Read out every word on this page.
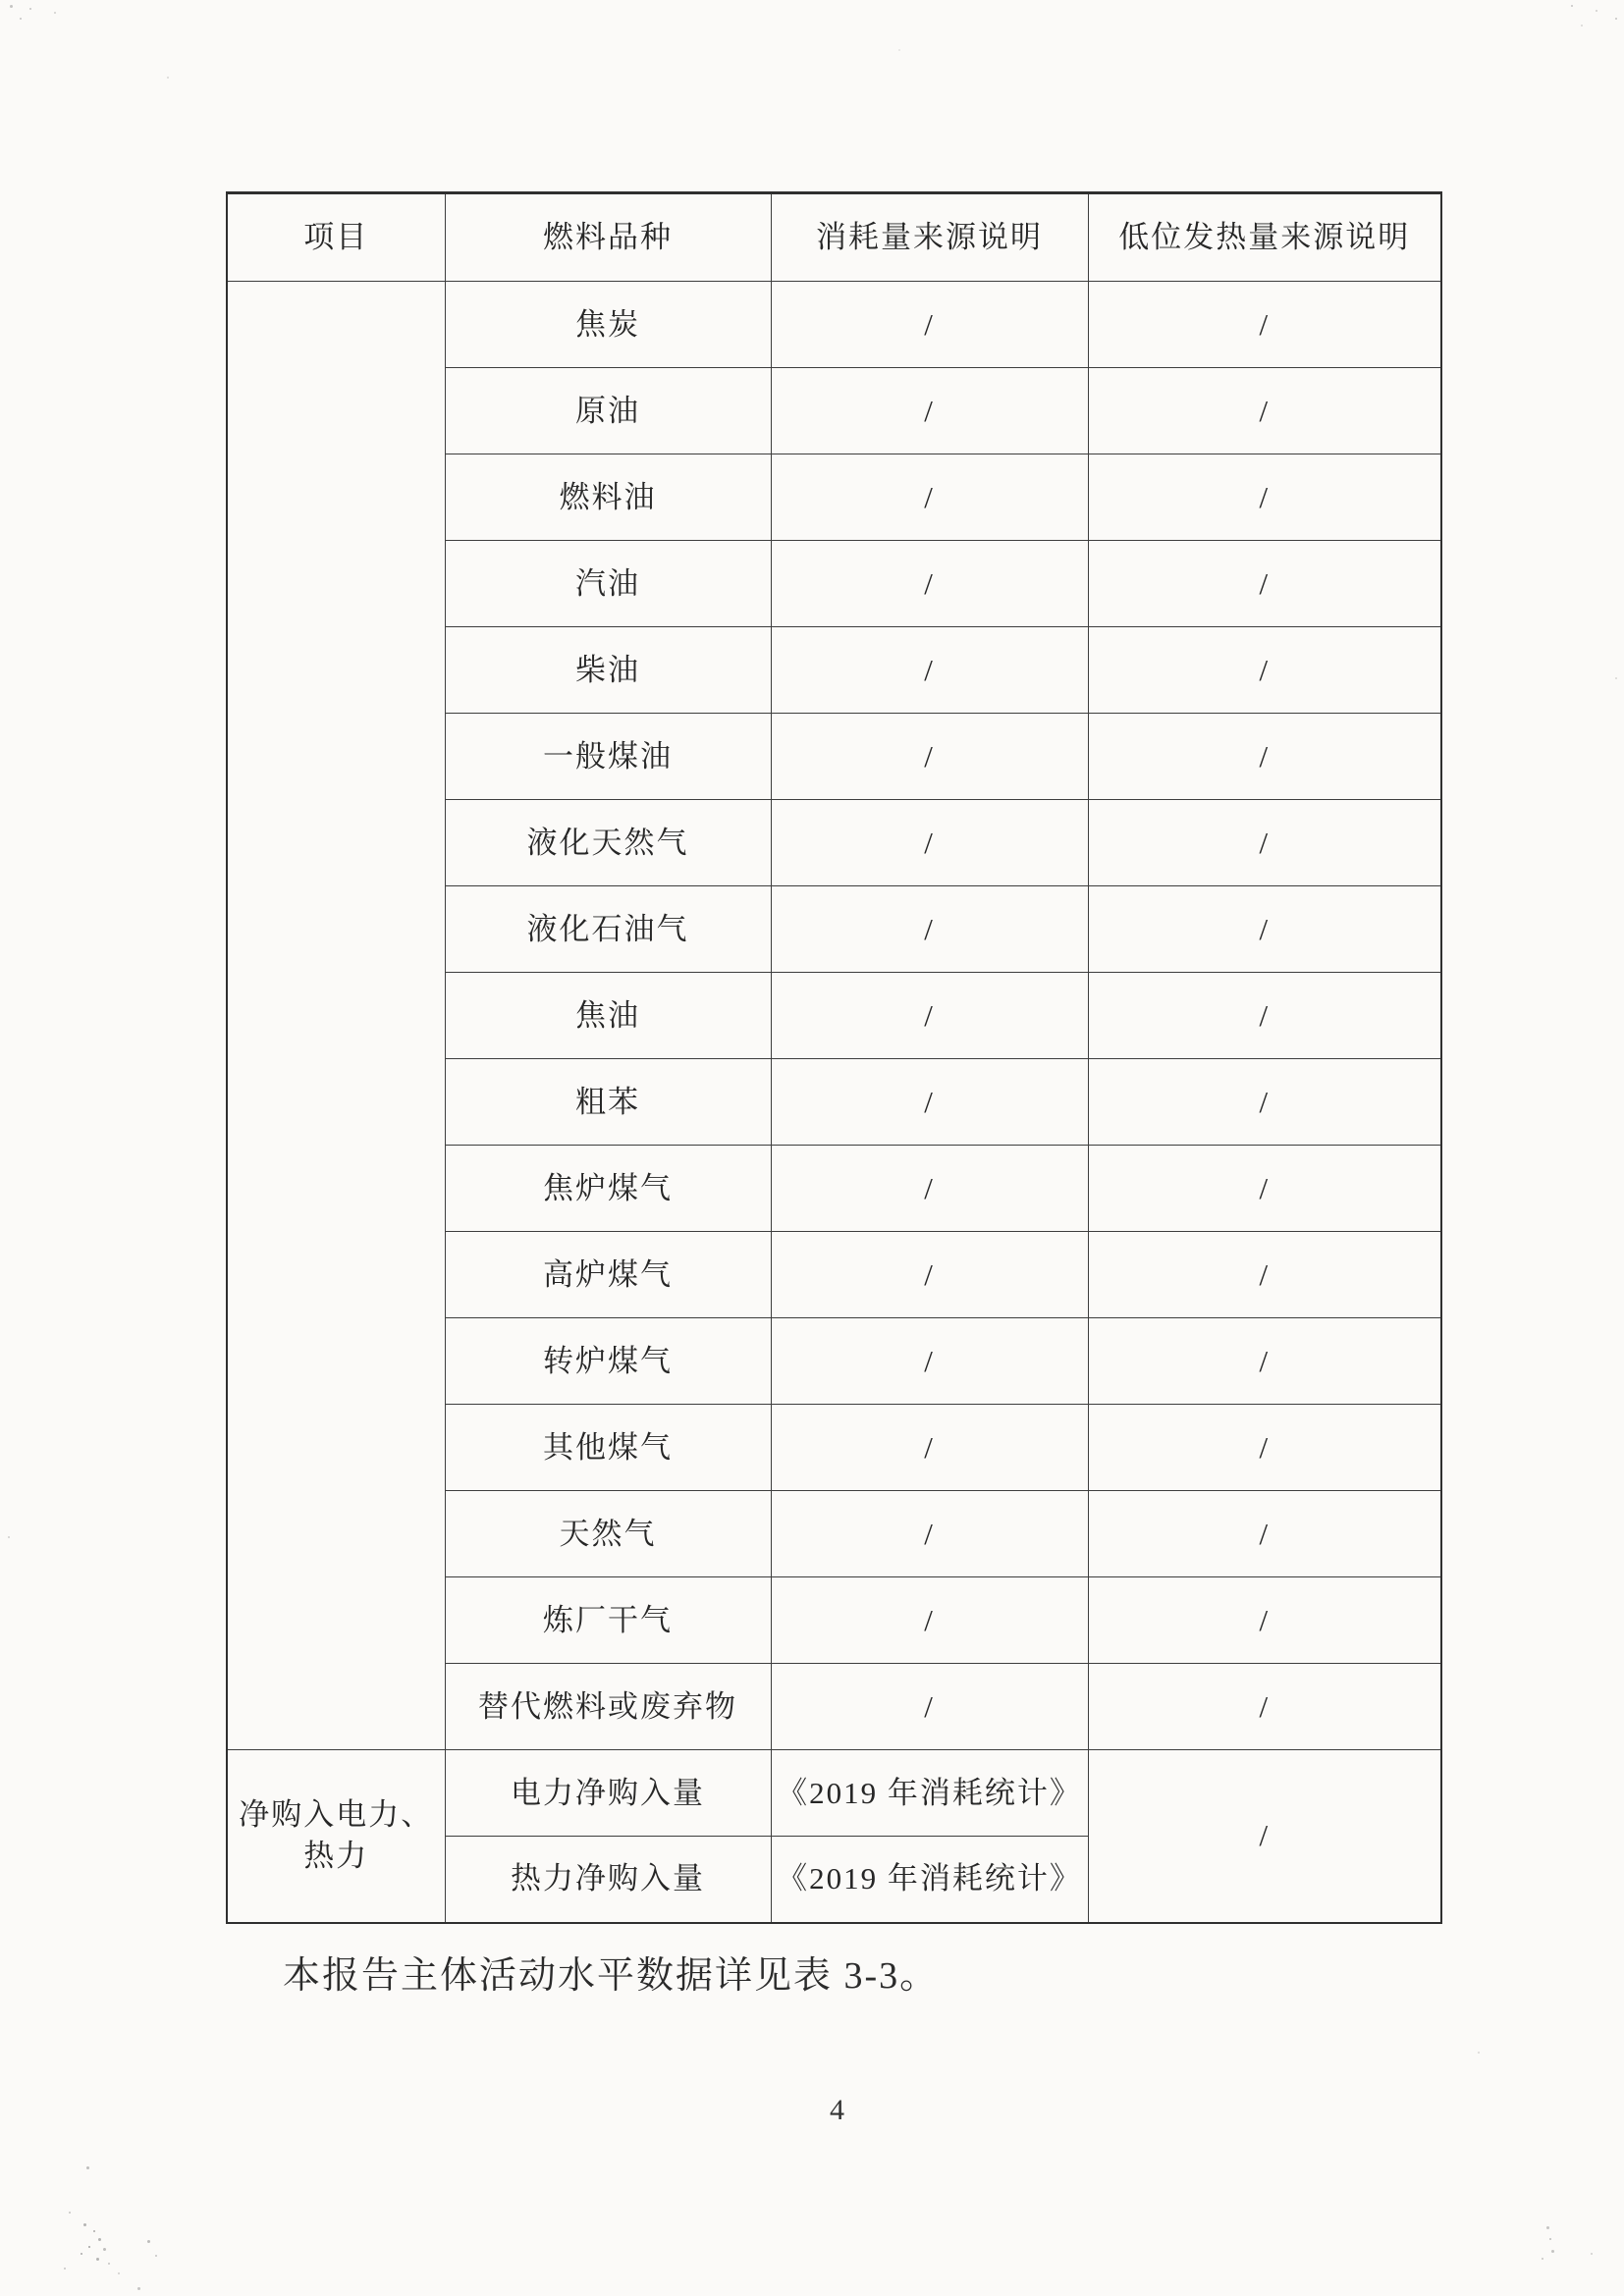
项目	燃料品种	消耗量来源说明	低位发热量来源说明
	焦炭	/	/
	原油	/	/
	燃料油	/	/
	汽油	/	/
	柴油	/	/
	一般煤油	/	/
	液化天然气	/	/
	液化石油气	/	/
	焦油	/	/
	粗苯	/	/
	焦炉煤气	/	/
	高炉煤气	/	/
	转炉煤气	/	/
	其他煤气	/	/
	天然气	/	/
	炼厂干气	/	/
	替代燃料或废弃物	/	/
净购入电力、热力	电力净购入量	《2019 年消耗统计》	/
	热力净购入量	《2019 年消耗统计》	
本报告主体活动水平数据详见表 3-3。
4
